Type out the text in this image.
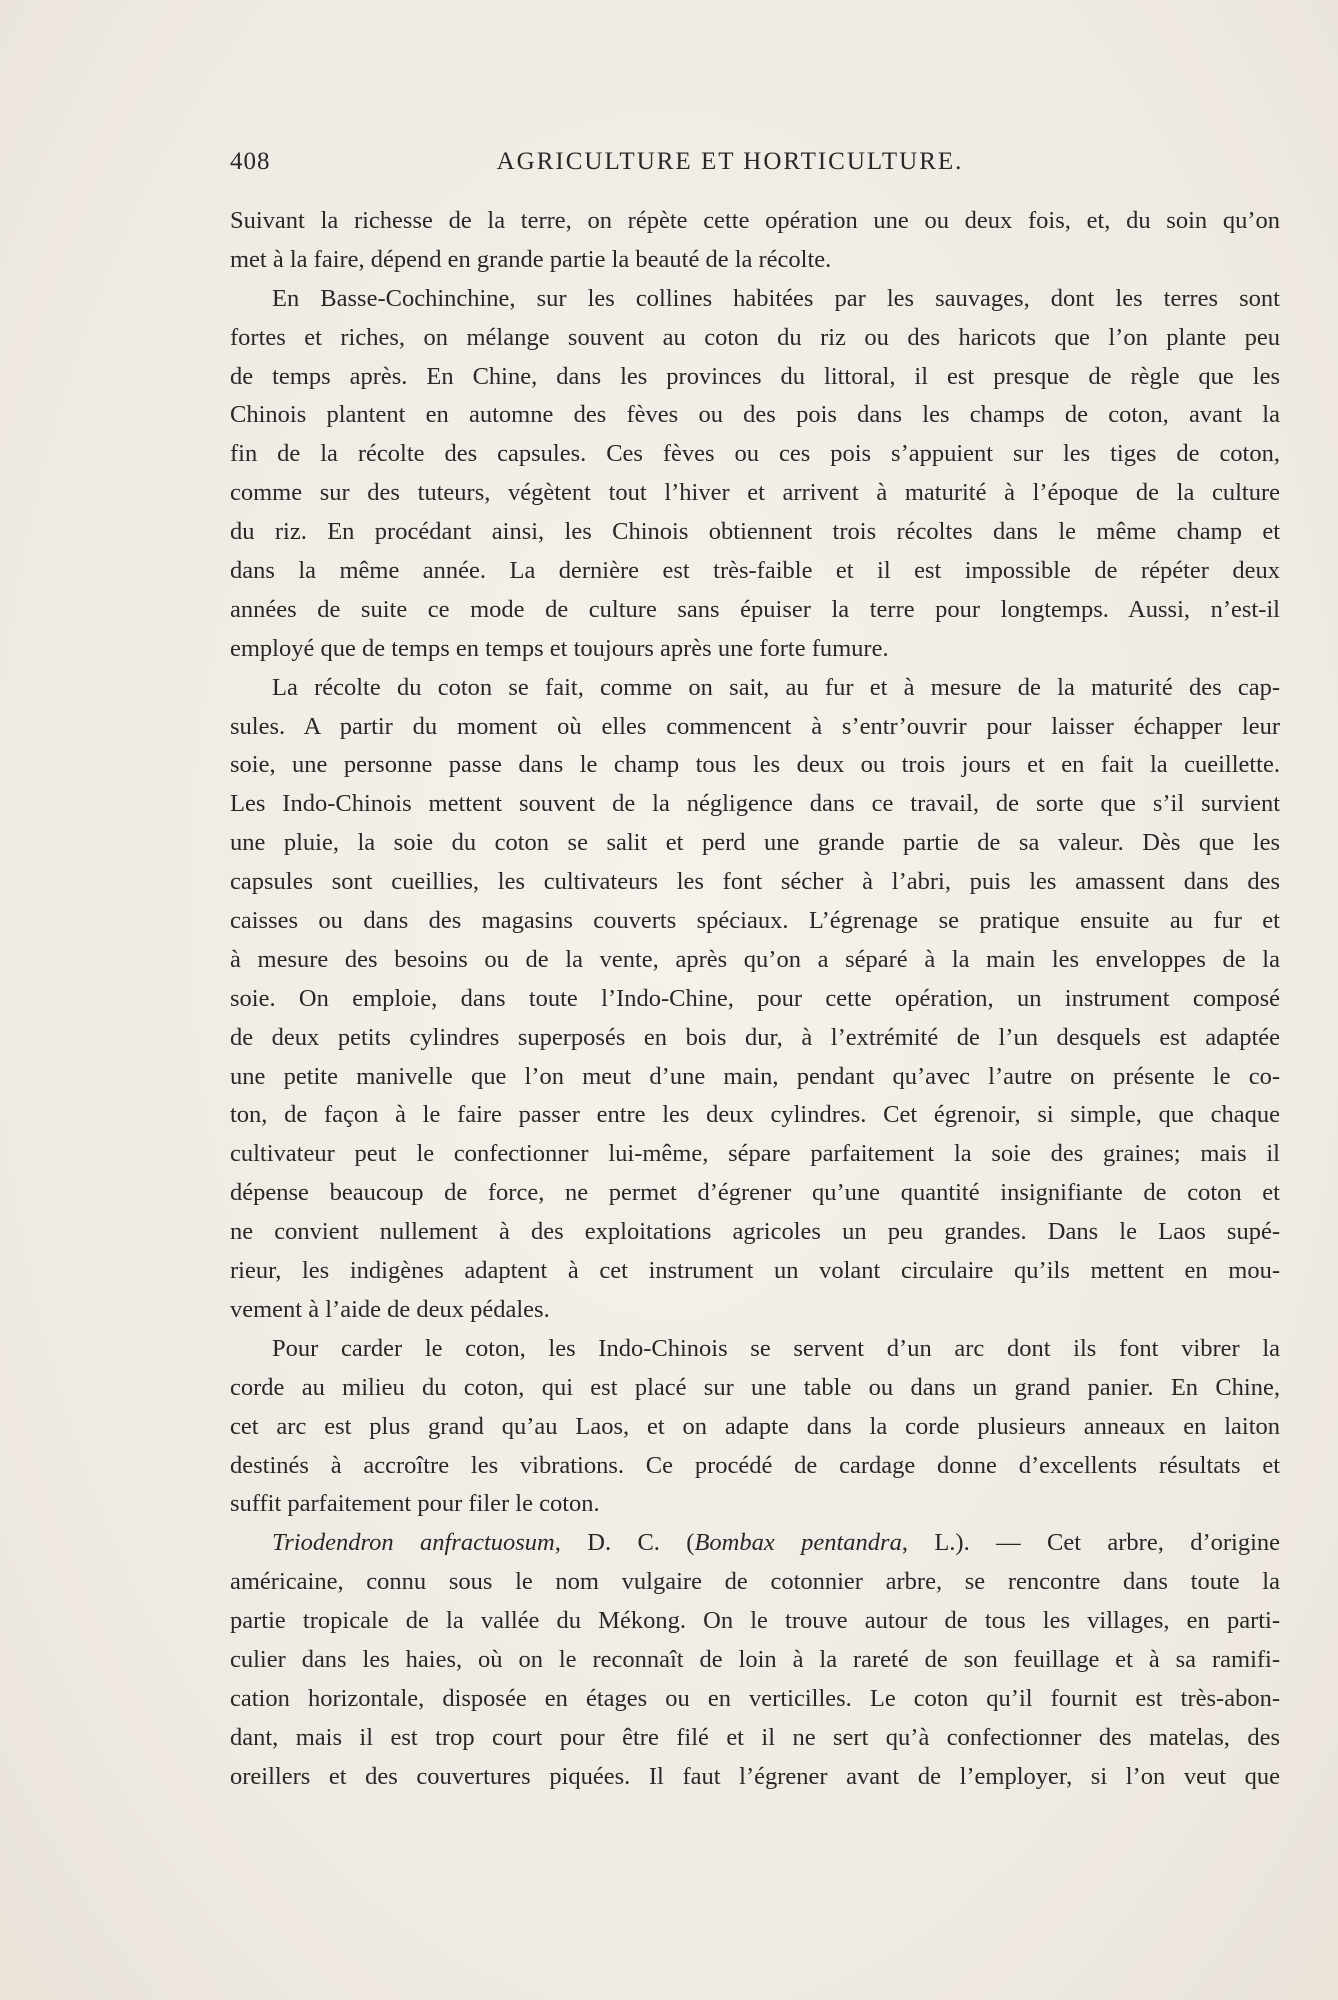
408	AGRICULTURE ET HORTICULTURE.
Suivant la richesse de la terre, on répète cette opération une ou deux fois, et, du soin qu’on
met à la faire, dépend en grande partie la beauté de la récolte.
En Basse-Cochinchine, sur les collines habitées par les sauvages, dont les terres sont
fortes et riches, on mélange souvent au coton du riz ou des haricots que l’on plante peu
de temps après. En Chine, dans les provinces du littoral, il est presque de règle que les
Chinois plantent en automne des fèves ou des pois dans les champs de coton, avant la
fin de la récolte des capsules. Ces fèves ou ces pois s’appuient sur les tiges de coton,
comme sur des tuteurs, végètent tout l’hiver et arrivent à maturité à l’époque de la culture
du riz. En procédant ainsi, les Chinois obtiennent trois récoltes dans le même champ et
dans la même année. La dernière est très-faible et il est impossible de répéter deux
années de suite ce mode de culture sans épuiser la terre pour longtemps. Aussi, n’est-il
employé que de temps en temps et toujours après une forte fumure.
La récolte du coton se fait, comme on sait, au fur et à mesure de la maturité des cap-
sules. A partir du moment où elles commencent à s’entr’ouvrir pour laisser échapper leur
soie, une personne passe dans le champ tous les deux ou trois jours et en fait la cueillette.
Les Indo-Chinois mettent souvent de la négligence dans ce travail, de sorte que s’il survient
une pluie, la soie du coton se salit et perd une grande partie de sa valeur. Dès que les
capsules sont cueillies, les cultivateurs les font sécher à l’abri, puis les amassent dans des
caisses ou dans des magasins couverts spéciaux. L’égrenage se pratique ensuite au fur et
à mesure des besoins ou de la vente, après qu’on a séparé à la main les enveloppes de la
soie. On emploie, dans toute l’Indo-Chine, pour cette opération, un instrument composé
de deux petits cylindres superposés en bois dur, à l’extrémité de l’un desquels est adaptée
une petite manivelle que l’on meut d’une main, pendant qu’avec l’autre on présente le co-
ton, de façon à le faire passer entre les deux cylindres. Cet égrenoir, si simple, que chaque
cultivateur peut le confectionner lui-même, sépare parfaitement la soie des graines; mais il
dépense beaucoup de force, ne permet d’égrener qu’une quantité insignifiante de coton et
ne convient nullement à des exploitations agricoles un peu grandes. Dans le Laos supé-
rieur, les indigènes adaptent à cet instrument un volant circulaire qu’ils mettent en mou-
vement à l’aide de deux pédales.
Pour carder le coton, les Indo-Chinois se servent d’un arc dont ils font vibrer la
corde au milieu du coton, qui est placé sur une table ou dans un grand panier. En Chine,
cet arc est plus grand qu’au Laos, et on adapte dans la corde plusieurs anneaux en laiton
destinés à accroître les vibrations. Ce procédé de cardage donne d’excellents résultats et
suffit parfaitement pour filer le coton.
Triodendron anfractuosum, D. C. (Bombax pentandra, L.). — Cet arbre, d’origine
américaine, connu sous le nom vulgaire de cotonnier arbre, se rencontre dans toute la
partie tropicale de la vallée du Mékong. On le trouve autour de tous les villages, en parti-
culier dans les haies, où on le reconnaît de loin à la rareté de son feuillage et à sa ramifi-
cation horizontale, disposée en étages ou en verticilles. Le coton qu’il fournit est très-abon-
dant, mais il est trop court pour être filé et il ne sert qu’à confectionner des matelas, des
oreillers et des couvertures piquées. Il faut l’égrener avant de l’employer, si l’on veut que
